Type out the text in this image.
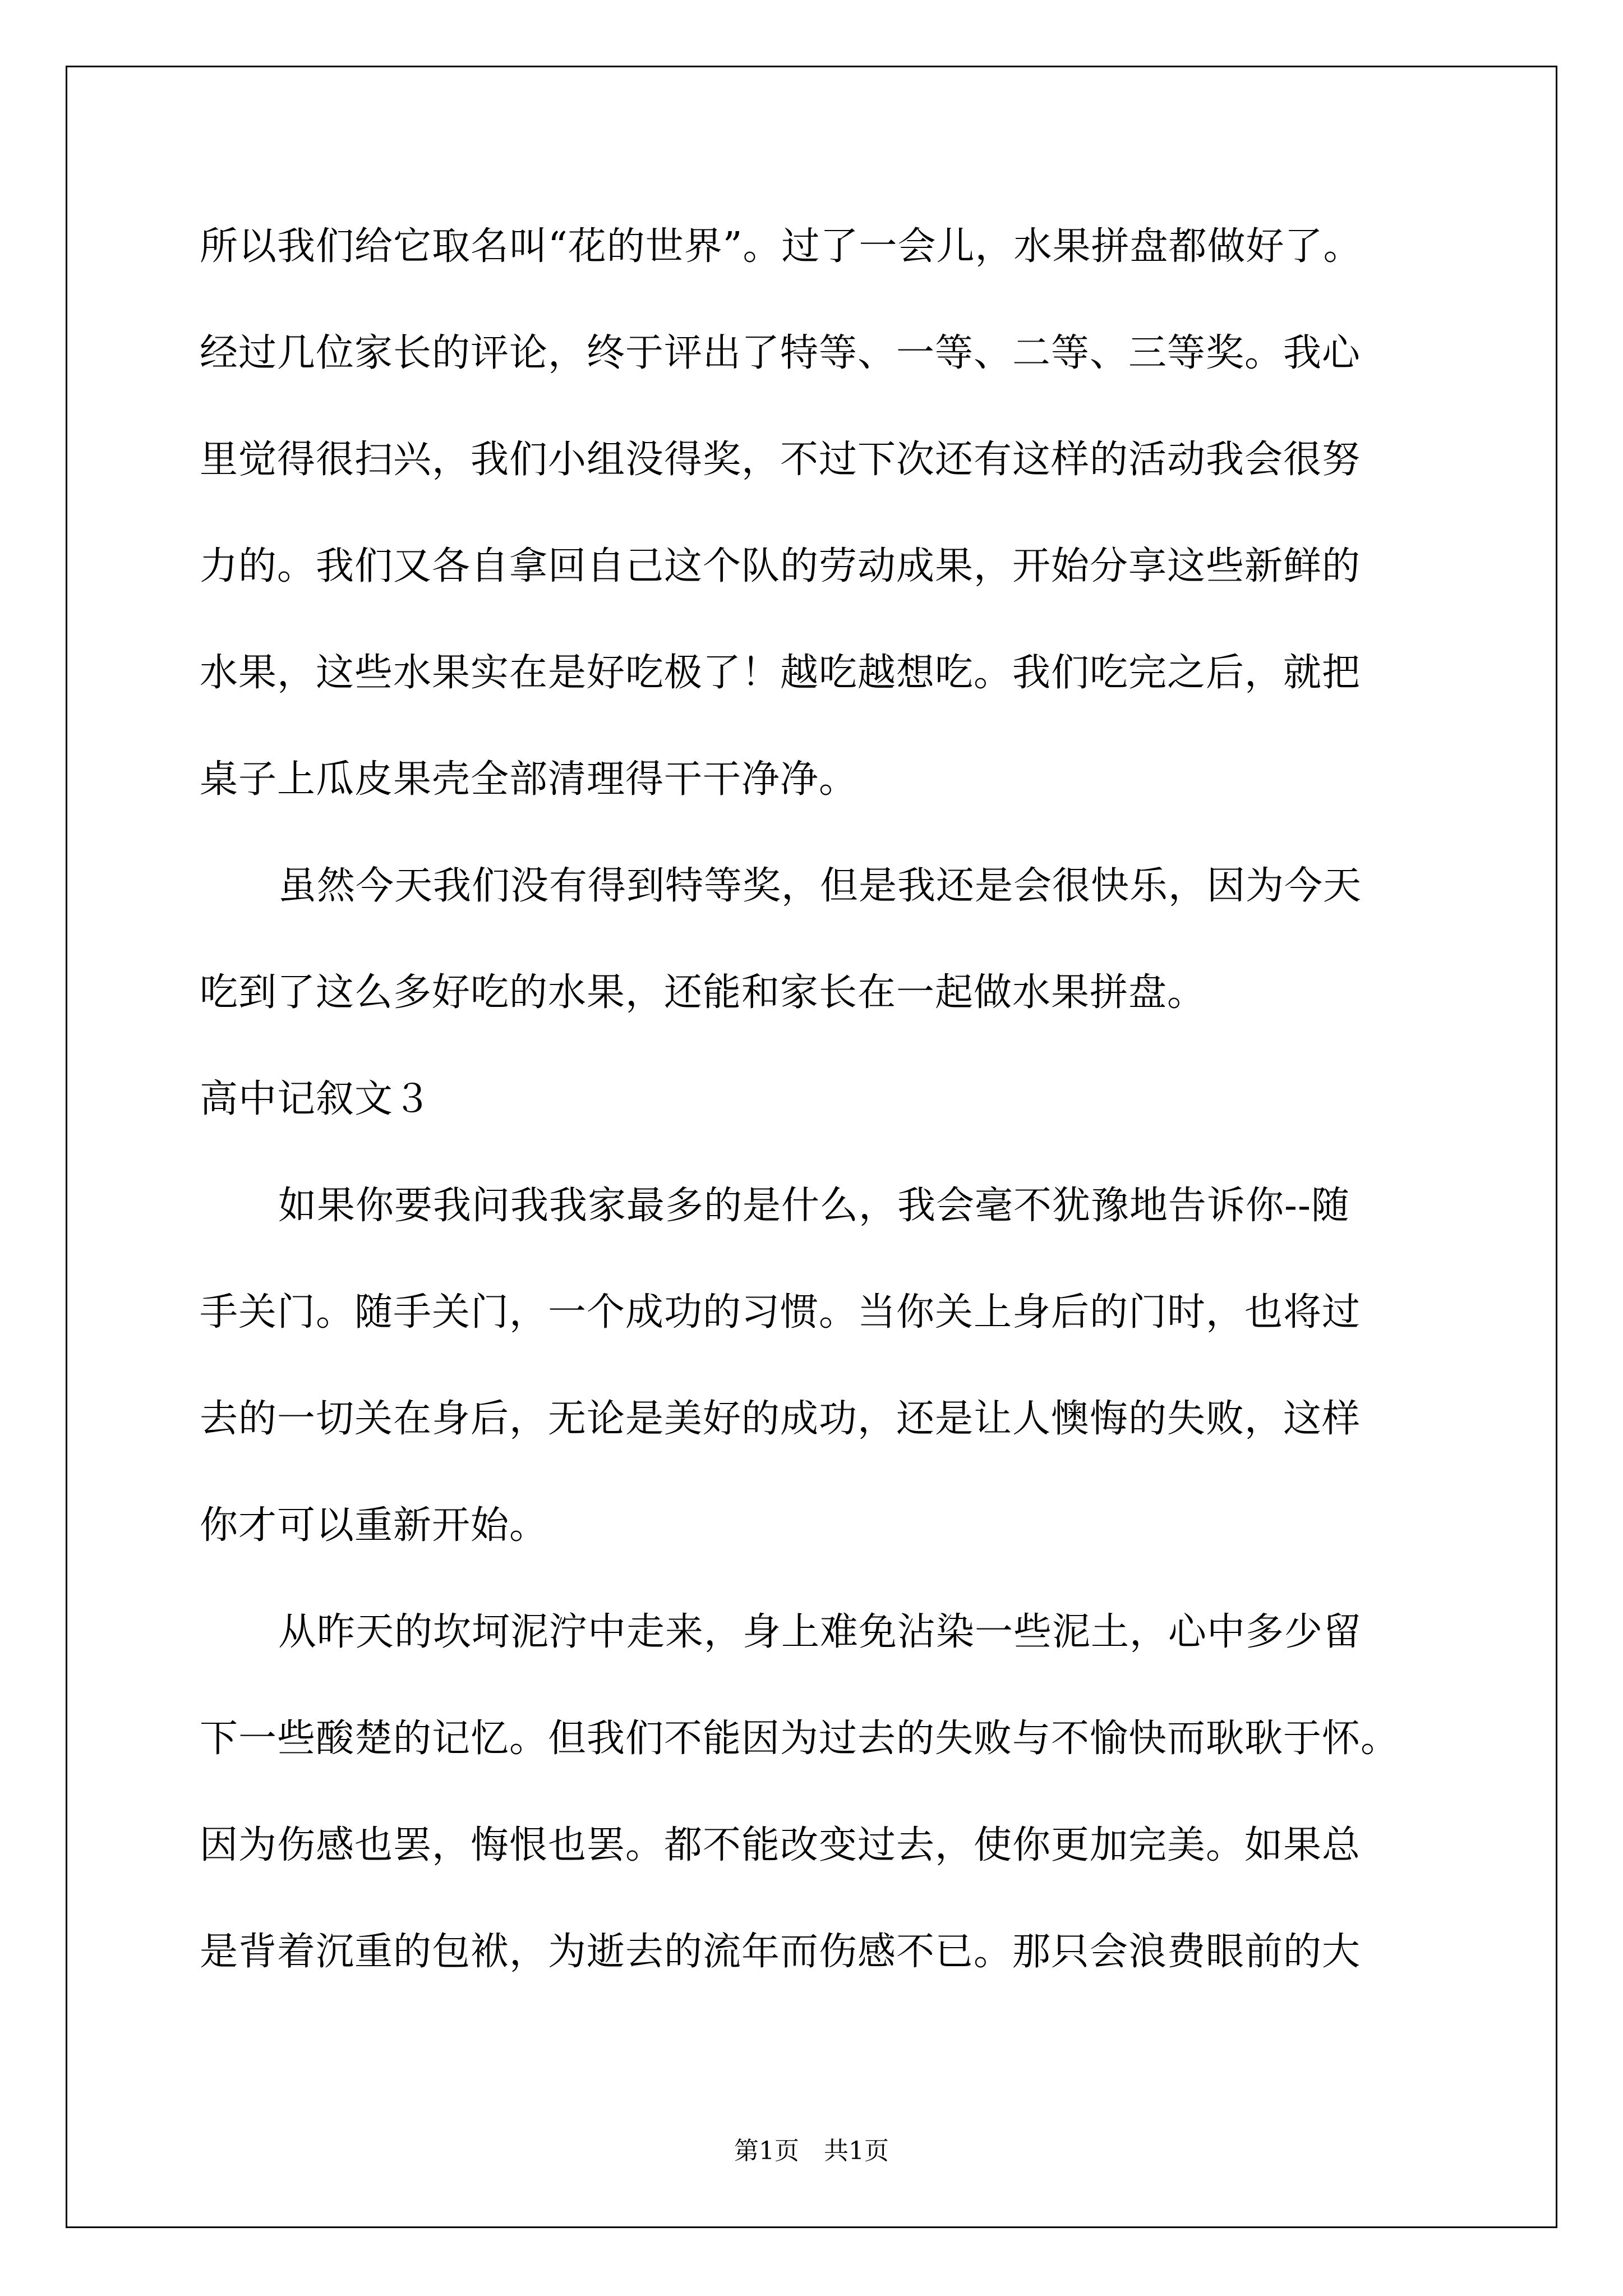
所以我们给它取名叫“花的世界”。过了一会儿，水果拼盘都做好了。
经过几位家长的评论，终于评出了特等、一等、二等、三等奖。我心
里觉得很扫兴，我们小组没得奖，不过下次还有这样的活动我会很努
力的。我们又各自拿回自己这个队的劳动成果，开始分享这些新鲜的
水果，这些水果实在是好吃极了！越吃越想吃。我们吃完之后，就把
桌子上瓜皮果壳全部清理得干干净净。
虽然今天我们没有得到特等奖，但是我还是会很快乐，因为今天
吃到了这么多好吃的水果，还能和家长在一起做水果拼盘。
高中记叙文３
如果你要我问我我家最多的是什么，我会毫不犹豫地告诉你--随
手关门。随手关门，一个成功的习惯。当你关上身后的门时，也将过
去的一切关在身后，无论是美好的成功，还是让人懊悔的失败，这样
你才可以重新开始。
从昨天的坎坷泥泞中走来，身上难免沾染一些泥土，心中多少留
下一些酸楚的记忆。但我们不能因为过去的失败与不愉快而耿耿于怀。
因为伤感也罢，悔恨也罢。都不能改变过去，使你更加完美。如果总
是背着沉重的包袱，为逝去的流年而伤感不已。那只会浪费眼前的大
第1页　共1页
